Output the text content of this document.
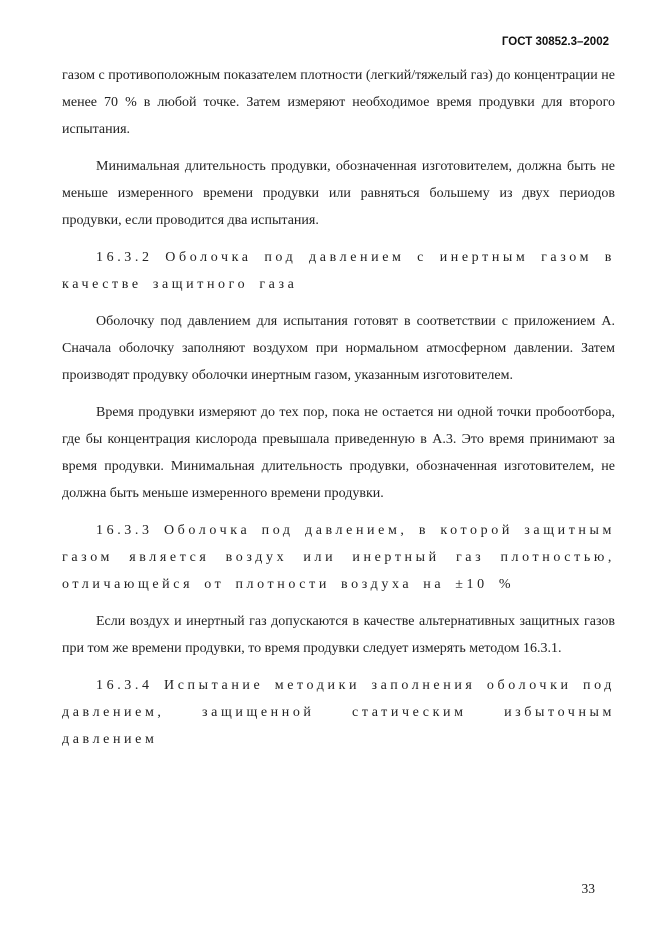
ГОСТ 30852.3–2002

газом с противоположным показателем плотности (легкий/тяжелый газ) до концентрации не менее 70 % в любой точке. Затем измеряют необходимое время продувки для второго испытания.

Минимальная длительность продувки, обозначенная изготовителем, должна быть не меньше измеренного времени продувки или равняться большему из двух периодов продувки, если проводится два испытания.

16.3.2 Оболочка под давлением с инертным газом в качестве защитного газа

Оболочку под давлением для испытания готовят в соответствии с приложением А. Сначала оболочку заполняют воздухом при нормальном атмосферном давлении. Затем производят продувку оболочки инертным газом, указанным изготовителем.

Время продувки измеряют до тех пор, пока не остается ни одной точки пробоотбора, где бы концентрация кислорода превышала приведенную в А.3. Это время принимают за время продувки. Минимальная длительность продувки, обозначенная изготовителем, не должна быть меньше измеренного времени продувки.

16.3.3 Оболочка под давлением, в которой защитным газом является воздух или инертный газ плотностью, отличающейся от плотности воздуха на ±10 %

Если воздух и инертный газ допускаются в качестве альтернативных защитных газов при том же времени продувки, то время продувки следует измерять методом 16.3.1.

16.3.4 Испытание методики заполнения оболочки под давлением, защищенной статическим избыточным давлением

33
